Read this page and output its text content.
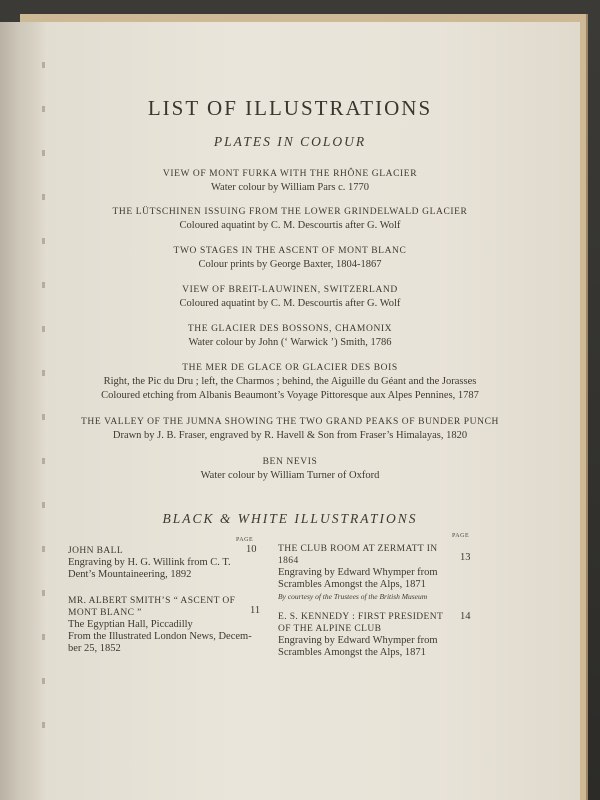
LIST OF ILLUSTRATIONS
PLATES IN COLOUR
VIEW OF MONT FURKA WITH THE RHÔNE GLACIER
Water colour by William Pars c. 1770
THE LÜTSCHINEN ISSUING FROM THE LOWER GRINDELWALD GLACIER
Coloured aquatint by C. M. Descourtis after G. Wolf
TWO STAGES IN THE ASCENT OF MONT BLANC
Colour prints by George Baxter, 1804-1867
VIEW OF BREIT-LAUWINEN, SWITZERLAND
Coloured aquatint by C. M. Descourtis after G. Wolf
THE GLACIER DES BOSSONS, CHAMONIX
Water colour by John (‘ Warwick ’) Smith, 1786
THE MER DE GLACE OR GLACIER DES BOIS
Right, the Pic du Dru ; left, the Charmos ; behind, the Aiguille du Géant and the Jorasses
Coloured etching from Albanis Beaumont’s Voyage Pittoresque aux Alpes Pennines, 1787
THE VALLEY OF THE JUMNA SHOWING THE TWO GRAND PEAKS OF BUNDER PUNCH
Drawn by J. B. Fraser, engraved by R. Havell & Son from Fraser’s Himalayas, 1820
BEN NEVIS
Water colour by William Turner of Oxford
BLACK & WHITE ILLUSTRATIONS
PAGE
PAGE
JOHN BALL
Engraving by H. G. Willink from C. T.
Dent’s Mountaineering, 1892
10
MR. ALBERT SMITH’S “ ASCENT OF
MONT BLANC ”
The Egyptian Hall, Piccadilly
From the Illustrated London News, Decem-
ber 25, 1852
11
THE CLUB ROOM AT ZERMATT IN
1864
Engraving by Edward Whymper from
Scrambles Amongst the Alps, 1871
By courtesy of the Trustees of the British Museum
13
E. S. KENNEDY : FIRST PRESIDENT
OF THE ALPINE CLUB
Engraving by Edward Whymper from
Scrambles Amongst the Alps, 1871
14
